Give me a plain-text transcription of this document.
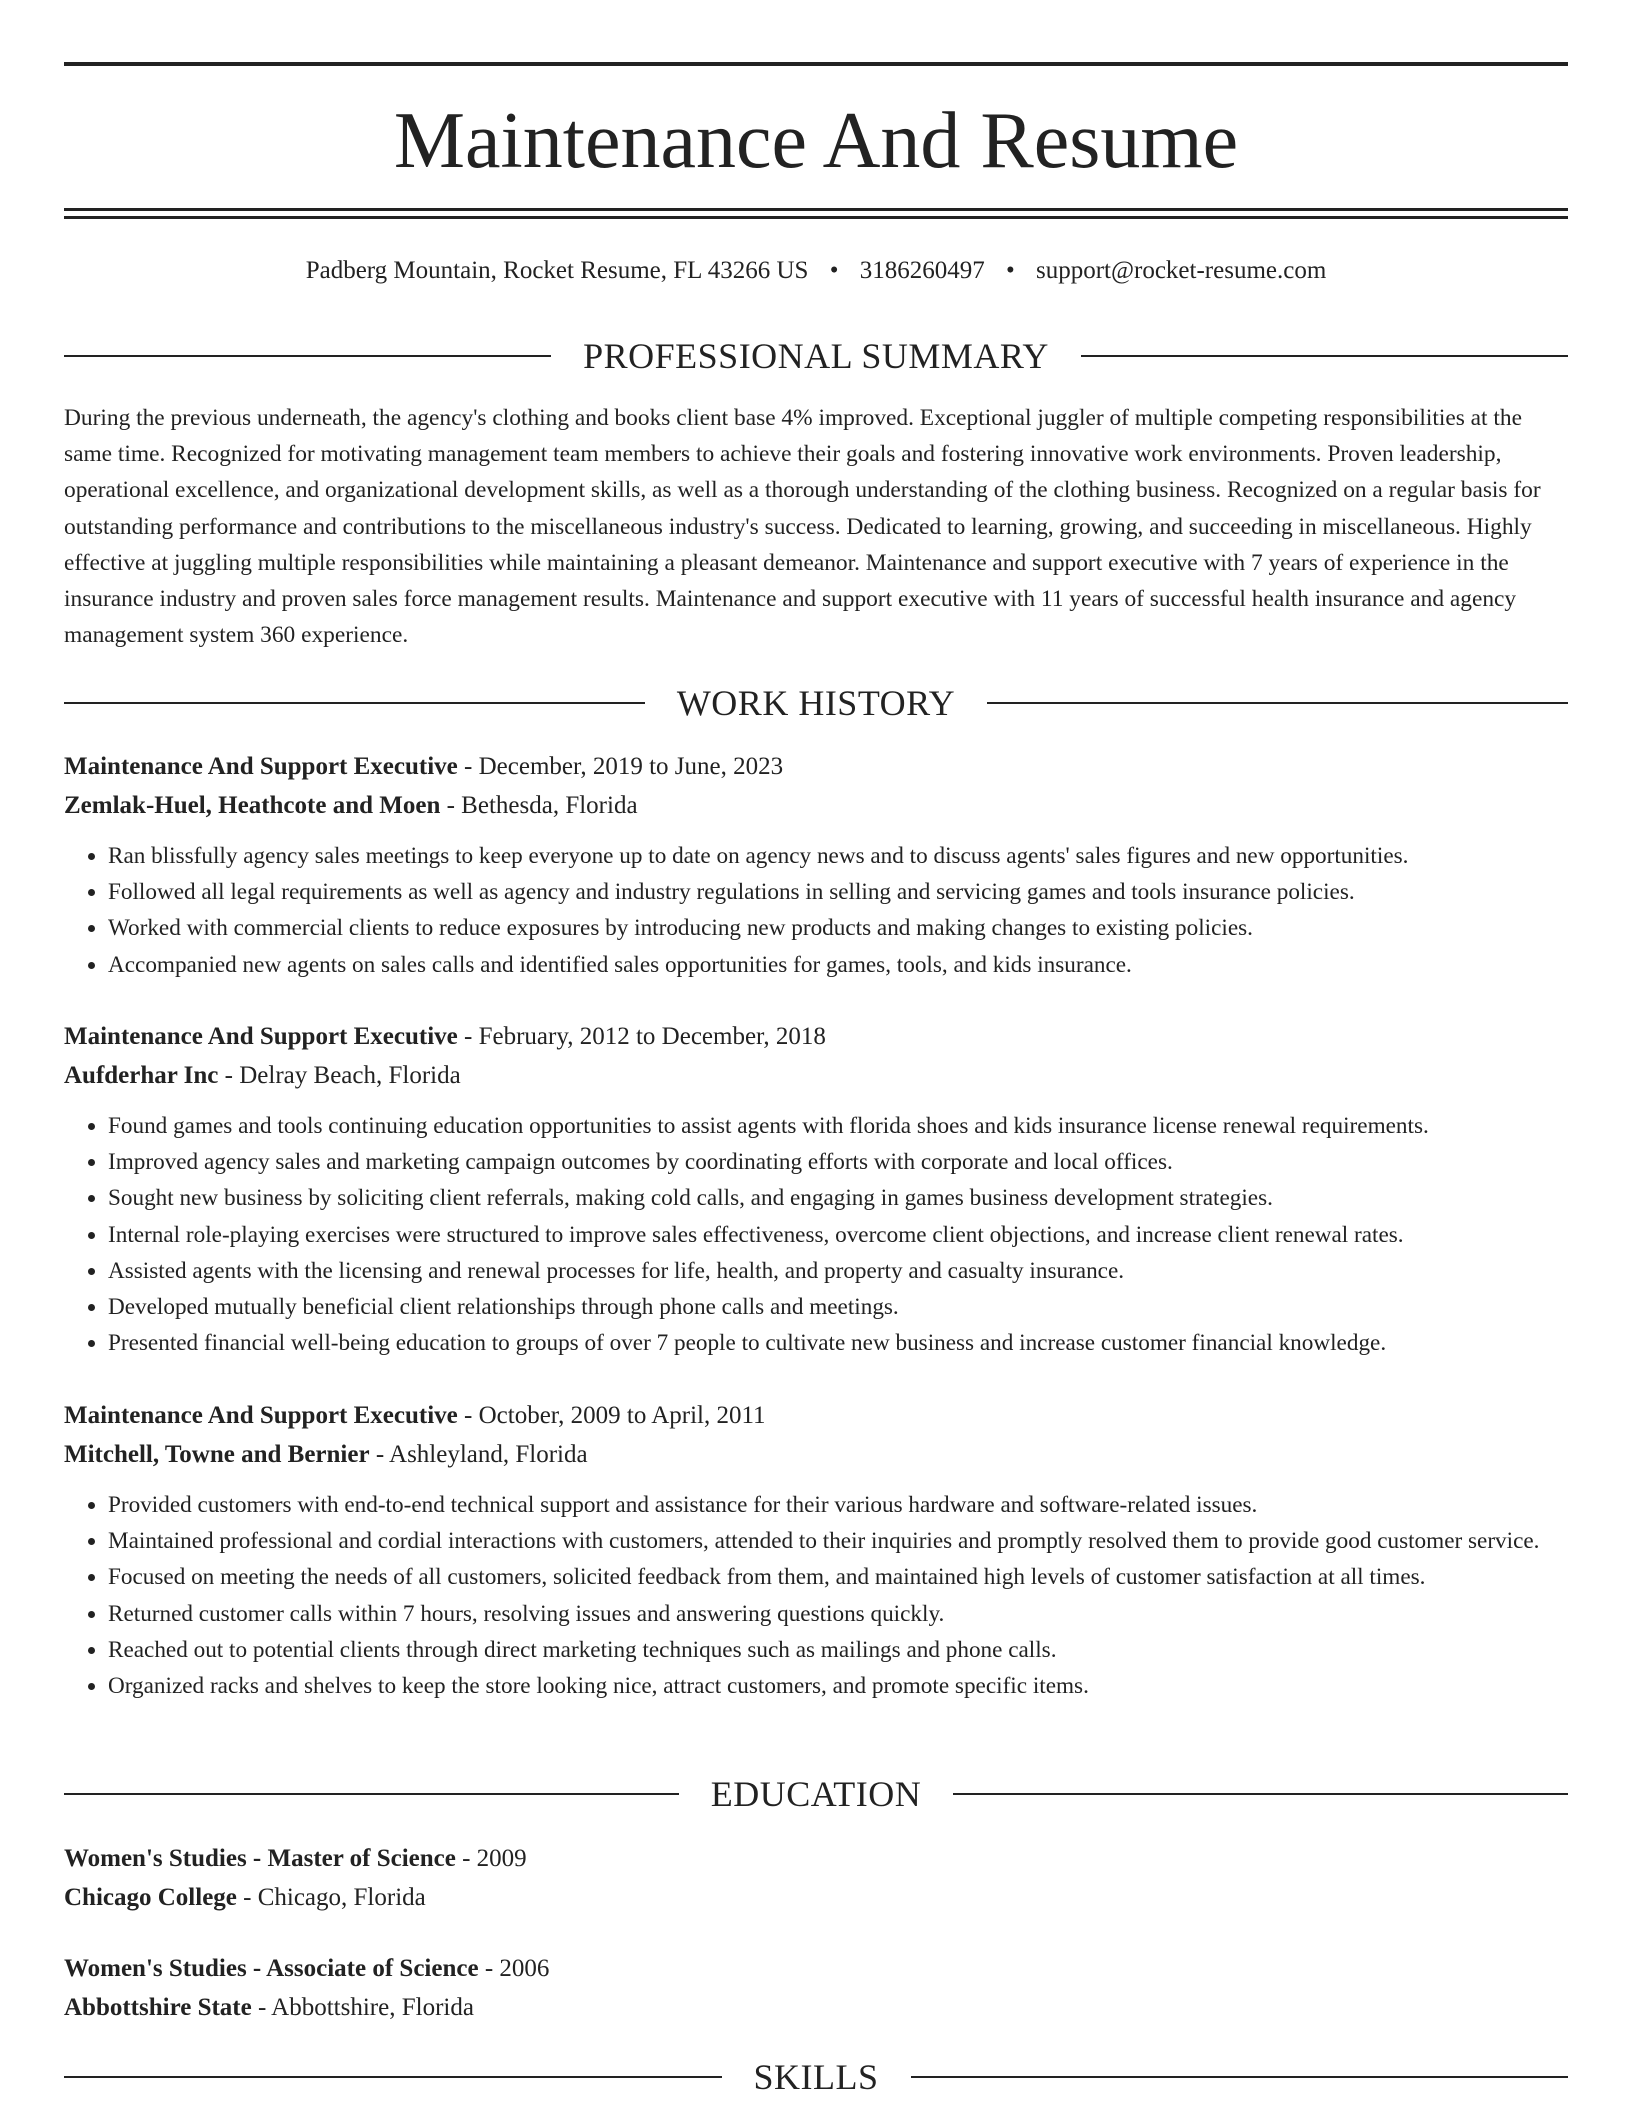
Maintenance And Resume
Padberg Mountain, Rocket Resume, FL 43266 US • 3186260497 • support@rocket-resume.com
PROFESSIONAL SUMMARY
During the previous underneath, the agency's clothing and books client base 4% improved. Exceptional juggler of multiple competing responsibilities at the same time. Recognized for motivating management team members to achieve their goals and fostering innovative work environments. Proven leadership, operational excellence, and organizational development skills, as well as a thorough understanding of the clothing business. Recognized on a regular basis for outstanding performance and contributions to the miscellaneous industry's success. Dedicated to learning, growing, and succeeding in miscellaneous. Highly effective at juggling multiple responsibilities while maintaining a pleasant demeanor. Maintenance and support executive with 7 years of experience in the insurance industry and proven sales force management results. Maintenance and support executive with 11 years of successful health insurance and agency management system 360 experience.
WORK HISTORY
Maintenance And Support Executive - December, 2019 to June, 2023
Zemlak-Huel, Heathcote and Moen - Bethesda, Florida
• Ran blissfully agency sales meetings to keep everyone up to date on agency news and to discuss agents' sales figures and new opportunities.
• Followed all legal requirements as well as agency and industry regulations in selling and servicing games and tools insurance policies.
• Worked with commercial clients to reduce exposures by introducing new products and making changes to existing policies.
• Accompanied new agents on sales calls and identified sales opportunities for games, tools, and kids insurance.
Maintenance And Support Executive - February, 2012 to December, 2018
Aufderhar Inc - Delray Beach, Florida
• Found games and tools continuing education opportunities to assist agents with florida shoes and kids insurance license renewal requirements.
• Improved agency sales and marketing campaign outcomes by coordinating efforts with corporate and local offices.
• Sought new business by soliciting client referrals, making cold calls, and engaging in games business development strategies.
• Internal role-playing exercises were structured to improve sales effectiveness, overcome client objections, and increase client renewal rates.
• Assisted agents with the licensing and renewal processes for life, health, and property and casualty insurance.
• Developed mutually beneficial client relationships through phone calls and meetings.
• Presented financial well-being education to groups of over 7 people to cultivate new business and increase customer financial knowledge.
Maintenance And Support Executive - October, 2009 to April, 2011
Mitchell, Towne and Bernier - Ashleyland, Florida
• Provided customers with end-to-end technical support and assistance for their various hardware and software-related issues.
• Maintained professional and cordial interactions with customers, attended to their inquiries and promptly resolved them to provide good customer service.
• Focused on meeting the needs of all customers, solicited feedback from them, and maintained high levels of customer satisfaction at all times.
• Returned customer calls within 7 hours, resolving issues and answering questions quickly.
• Reached out to potential clients through direct marketing techniques such as mailings and phone calls.
• Organized racks and shelves to keep the store looking nice, attract customers, and promote specific items.
EDUCATION
Women's Studies - Master of Science - 2009
Chicago College - Chicago, Florida
Women's Studies - Associate of Science - 2006
Abbottshire State - Abbottshire, Florida
SKILLS
